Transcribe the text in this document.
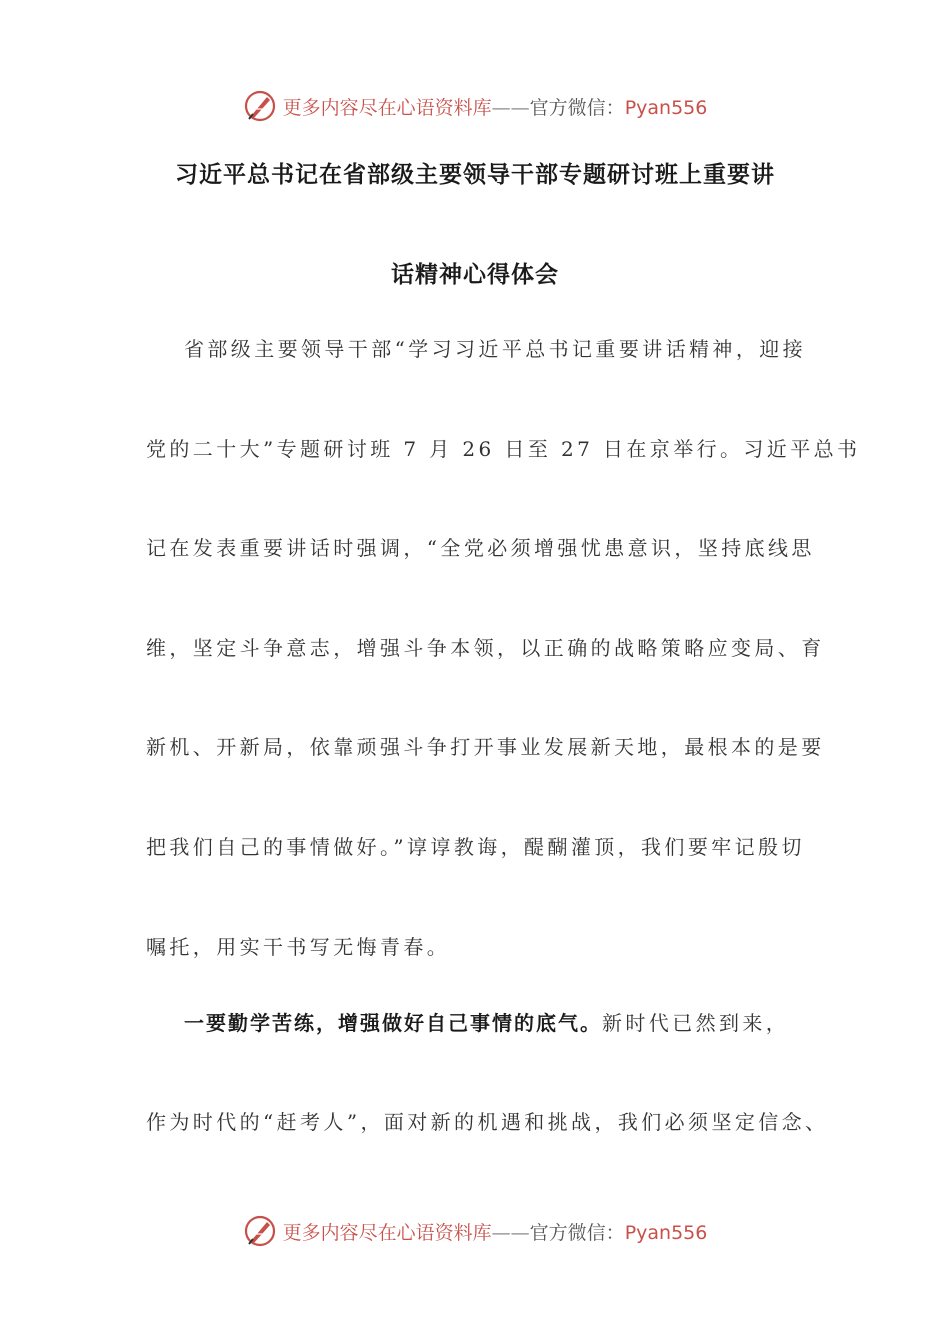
更多内容尽在心语资料库——官方微信：Pyan556
习近平总书记在省部级主要领导干部专题研讨班上重要讲
话精神心得体会
省部级主要领导干部“学习习近平总书记重要讲话精神，迎接
党的二十大”专题研讨班 7 月 26 日至 27 日在京举行。习近平总书
记在发表重要讲话时强调，“全党必须增强忧患意识，坚持底线思
维，坚定斗争意志，增强斗争本领，以正确的战略策略应变局、育
新机、开新局，依靠顽强斗争打开事业发展新天地，最根本的是要
把我们自己的事情做好。”谆谆教诲，醍醐灌顶，我们要牢记殷切
嘱托，用实干书写无悔青春。
一要勤学苦练，增强做好自己事情的底气。新时代已然到来，
作为时代的“赶考人”，面对新的机遇和挑战，我们必须坚定信念、
更多内容尽在心语资料库——官方微信：Pyan556
